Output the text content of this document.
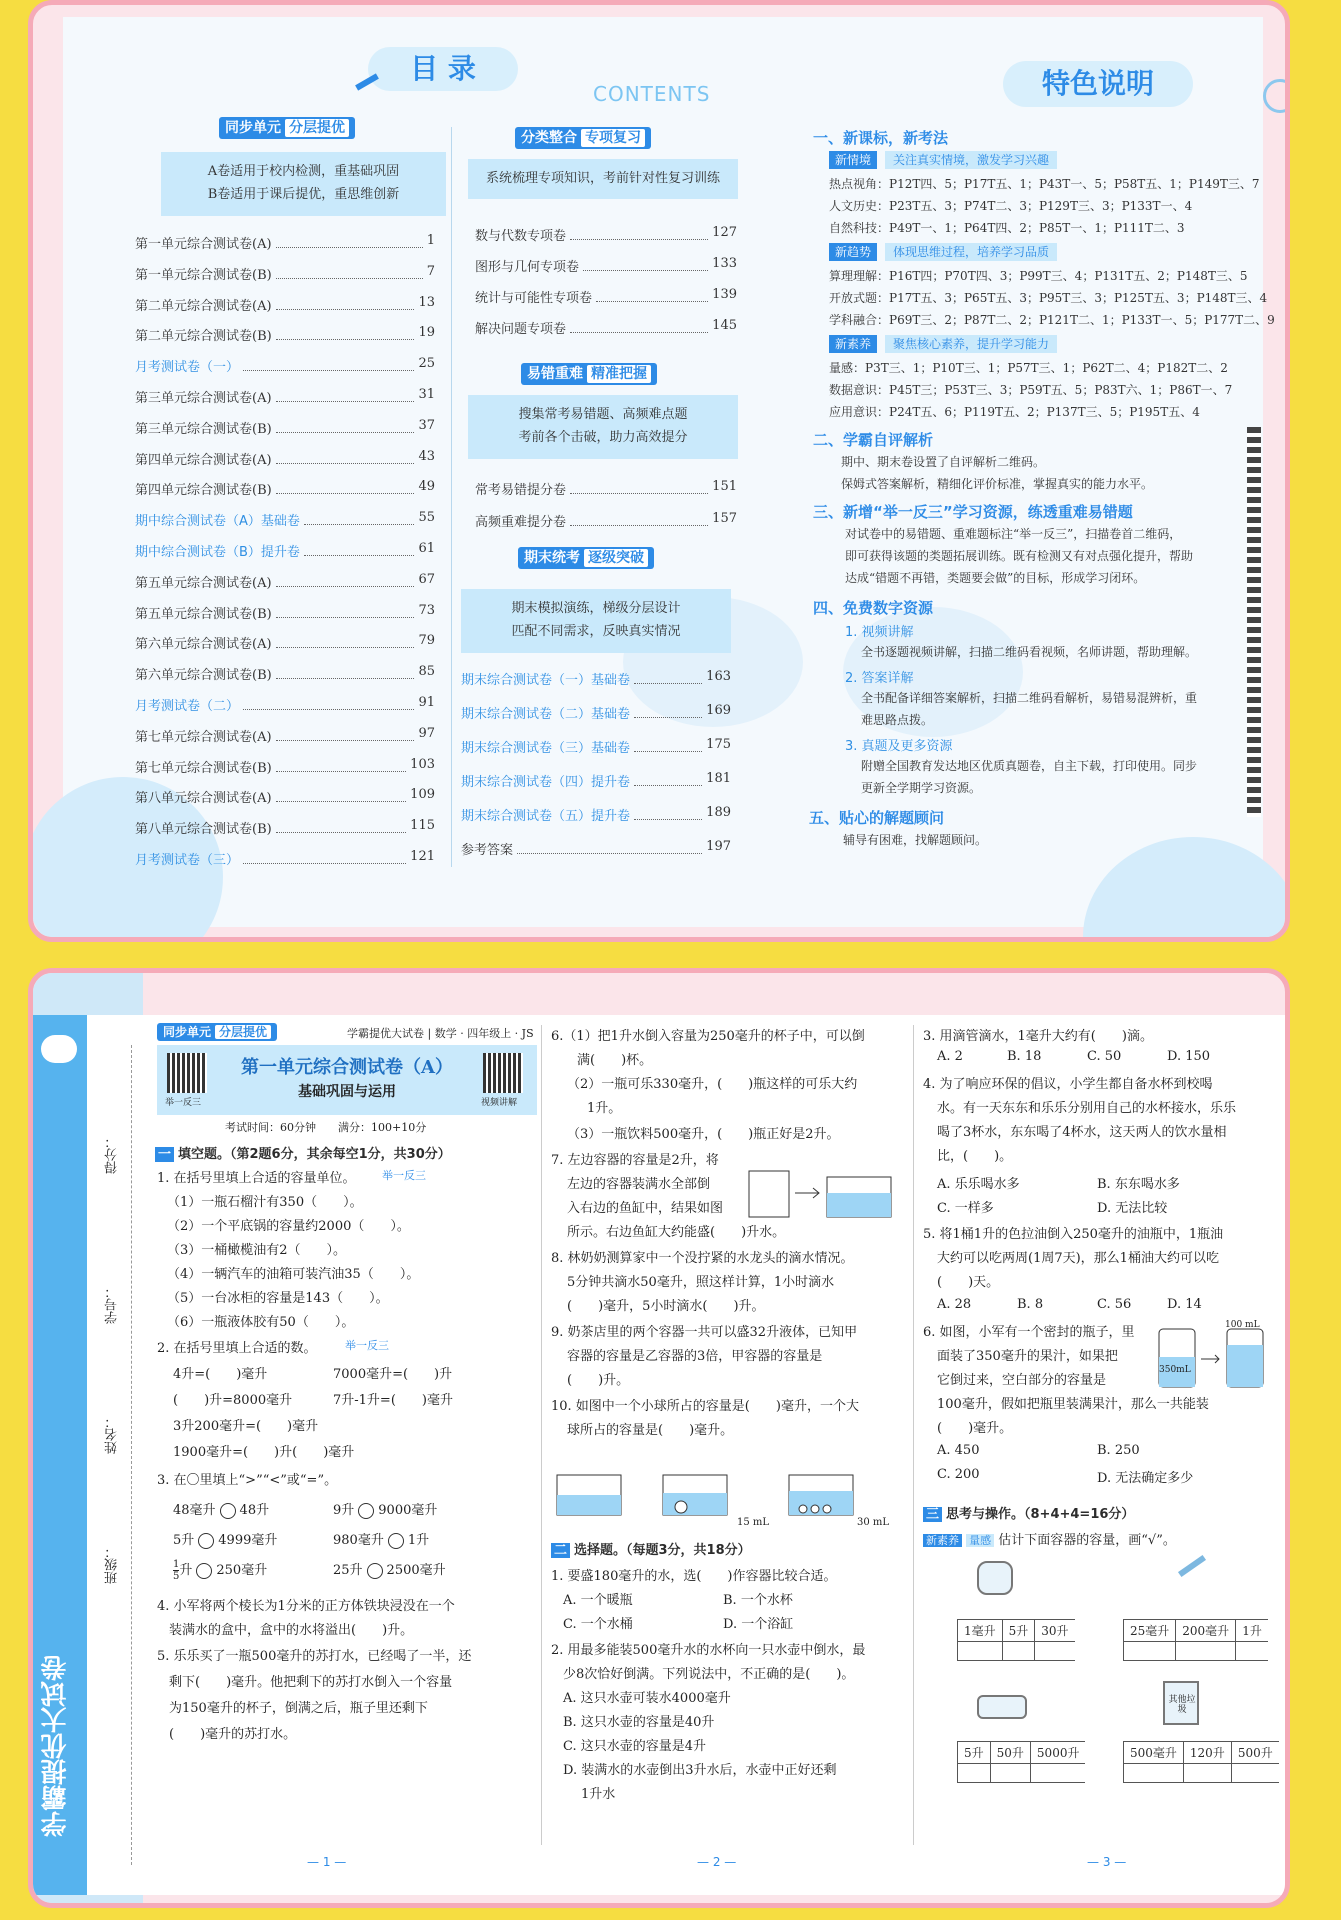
目 录
CONTENTS	特色说明
同步单元 分层提优
A卷适用于校内检测，重基础巩固
B卷适用于课后提优，重思维创新
第一单元综合测试卷(A)	1
第一单元综合测试卷(B)	7
第二单元综合测试卷(A)	13
第二单元综合测试卷(B)	19
月考测试卷（一）	25
第三单元综合测试卷(A)	31
第三单元综合测试卷(B)	37
第四单元综合测试卷(A)	43
第四单元综合测试卷(B)	49
期中综合测试卷（A）基础卷	55
期中综合测试卷（B）提升卷	61
第五单元综合测试卷(A)	67
第五单元综合测试卷(B)	73
第六单元综合测试卷(A)	79
第六单元综合测试卷(B)	85
月考测试卷（二）	91
第七单元综合测试卷(A)	97
第七单元综合测试卷(B)	103
第八单元综合测试卷(A)	109
第八单元综合测试卷(B)	115
月考测试卷（三）	121
分类整合 专项复习
系统梳理专项知识，考前针对性复习训练
数与代数专项卷	127
图形与几何专项卷	133
统计与可能性专项卷	139
解决问题专项卷	145
易错重难 精准把握
搜集常考易错题、高频难点题
考前各个击破，助力高效提分
常考易错提分卷	151
高频重难提分卷	157
期末统考 逐级突破
期末模拟演练，梯级分层设计
匹配不同需求，反映真实情况
期末综合测试卷（一）基础卷	163
期末综合测试卷（二）基础卷	169
期末综合测试卷（三）基础卷	175
期末综合测试卷（四）提升卷	181
期末综合测试卷（五）提升卷	189
参考答案	197
一、新课标，新考法
新情境	关注真实情境，激发学习兴趣
热点视角：P12T四、5；P17T五、1；P43T一、5；P58T五、1；P149T三、7
人文历史：P23T五、3；P74T二、3；P129T三、3；P133T一、4
自然科技：P49T一、1；P64T四、2；P85T一、1；P111T二、3
新趋势	体现思维过程，培养学习品质
算理理解：P16T四；P70T四、3；P99T三、4；P131T五、2；P148T三、5
开放式题：P17T五、3；P65T五、3；P95T三、3；P125T五、3；P148T三、4
学科融合：P69T三、2；P87T二、2；P121T二、1；P133T一、5；P177T二、9
新素养	聚焦核心素养，提升学习能力
量感：P3T三、1；P10T三、1；P57T三、1；P62T二、4；P182T二、2
数据意识：P45T三；P53T三、3；P59T五、5；P83T六、1；P86T一、7
应用意识：P24T五、6；P119T五、2；P137T三、5；P195T五、4
二、学霸自评解析
期中、期末卷设置了自评解析二维码。
保姆式答案解析，精细化评价标准，掌握真实的能力水平。
三、新增“举一反三”学习资源，练透重难易错题
对试卷中的易错题、重难题标注“举一反三”，扫描卷首二维码，
即可获得该题的类题拓展训练。既有检测又有对点强化提升，帮助
达成“错题不再错，类题要会做”的目标，形成学习闭环。
四、免费数字资源
1. 视频讲解
全书逐题视频讲解，扫描二维码看视频，名师讲题，帮助理解。
2. 答案详解
全书配备详细答案解析，扫描二维码看解析，易错易混辨析，重
难思路点拨。
3. 真题及更多资源
附赠全国教育发达地区优质真题卷，自主下载，打印使用。同步
更新全学期学习资源。
五、贴心的解题顾问
辅导有困难，找解题顾问。
学霸提优大试卷
得分：
学号：
姓名：
班级：
同步单元 分层提优	学霸提优大试卷 | 数学 · 四年级上 · JS
举一反三	视频讲解
第一单元综合测试卷（A）
基础巩固与运用
考试时间：60分钟　　满分：100+10分
一 填空题。（第2题6分，其余每空1分，共30分）
1. 在括号里填上合适的容量单位。 举一反三
（1）一瓶石榴汁有350（　　）。
（2）一个平底锅的容量约2000（　　）。
（3）一桶橄榄油有2（　　）。
（4）一辆汽车的油箱可装汽油35（　　）。
（5）一台冰柜的容量是143（　　）。
（6）一瓶液体胶有50（　　）。
2. 在括号里填上合适的数。	举一反三
4升=(　　)毫升	7000毫升=(　　)升
(　　)升=8000毫升	7升-1升=(　　)毫升
3升200毫升=(　　)毫升
1900毫升=(　　)升(　　)毫升
3. 在〇里填上“>”“<”或“=”。
48毫升 48升	9升 9000毫升
5升 4999毫升	980毫升 1升
$\frac{1}{5}$ 升 250毫升	25升 2500毫升
4. 小军将两个棱长为1分米的正方体铁块浸没在一个
装满水的盒中，盒中的水将溢出(　　)升。
5. 乐乐买了一瓶500毫升的苏打水，已经喝了一半，还
剩下(　　)毫升。他把剩下的苏打水倒入一个容量
为150毫升的杯子，倒满之后，瓶子里还剩下
(　　)毫升的苏打水。
— 1 —
6.（1）把1升水倒入容量为250毫升的杯子中，可以倒
满(　　)杯。
（2）一瓶可乐330毫升，(　　)瓶这样的可乐大约
1升。
（3）一瓶饮料500毫升，(　　)瓶正好是2升。
7. 左边容器的容量是2升，将
左边的容器装满水全部倒
入右边的鱼缸中，结果如图
所示。右边鱼缸大约能盛(　　)升水。
8. 林奶奶测算家中一个没拧紧的水龙头的滴水情况。
5分钟共滴水50毫升，照这样计算，1小时滴水
(　　)毫升，5小时滴水(　　)升。
9. 奶茶店里的两个容器一共可以盛32升液体，已知甲
容器的容量是乙容器的3倍，甲容器的容量是
(　　)升。
10. 如图中一个小球所占的容量是(　　)毫升，一个大
球所占的容量是(　　)毫升。
15 mL	30 mL
二 选择题。（每题3分，共18分）
1. 要盛180毫升的水，选(　　)作容器比较合适。
A. 一个暖瓶	B. 一个水杯
C. 一个水桶	D. 一个浴缸
2. 用最多能装500毫升水的水杯向一只水壶中倒水，最
少8次恰好倒满。下列说法中，不正确的是(　　)。
A. 这只水壶可装水4000毫升
B. 这只水壶的容量是40升
C. 这只水壶的容量是4升
D. 装满水的水壶倒出3升水后，水壶中正好还剩
1升水
— 2 —
3. 用滴管滴水，1毫升大约有(　　)滴。
A. 2	B. 18	C. 50	D. 150
4. 为了响应环保的倡议，小学生都自备水杯到校喝
水。有一天东东和乐乐分别用自己的水杯接水，乐乐
喝了3杯水，东东喝了4杯水，这天两人的饮水量相
比，(　　)。
A. 乐乐喝水多	B. 东东喝水多
C. 一样多	D. 无法比较
5. 将1桶1升的色拉油倒入250毫升的油瓶中，1瓶油
大约可以吃两周(1周7天)，那么1桶油大约可以吃
(　　)天。
A. 28	B. 8	C. 56	D. 14
6. 如图，小军有一个密封的瓶子，里
面装了350毫升的果汁，如果把
它倒过来，空白部分的容量是
100毫升，假如把瓶里装满果汁，那么一共能装
(　　)毫升。
A. 450	B. 250
C. 200	D. 无法确定多少
350mL
100 mL
三 思考与操作。（8+4+4=16分）
新素养 量感 估计下面容器的容量，画“√”。
1毫升	5升	30升
			25毫升	200毫升	1升

其他垃圾
5升	50升	5000升
			500毫升	120升	500升

— 3 —
